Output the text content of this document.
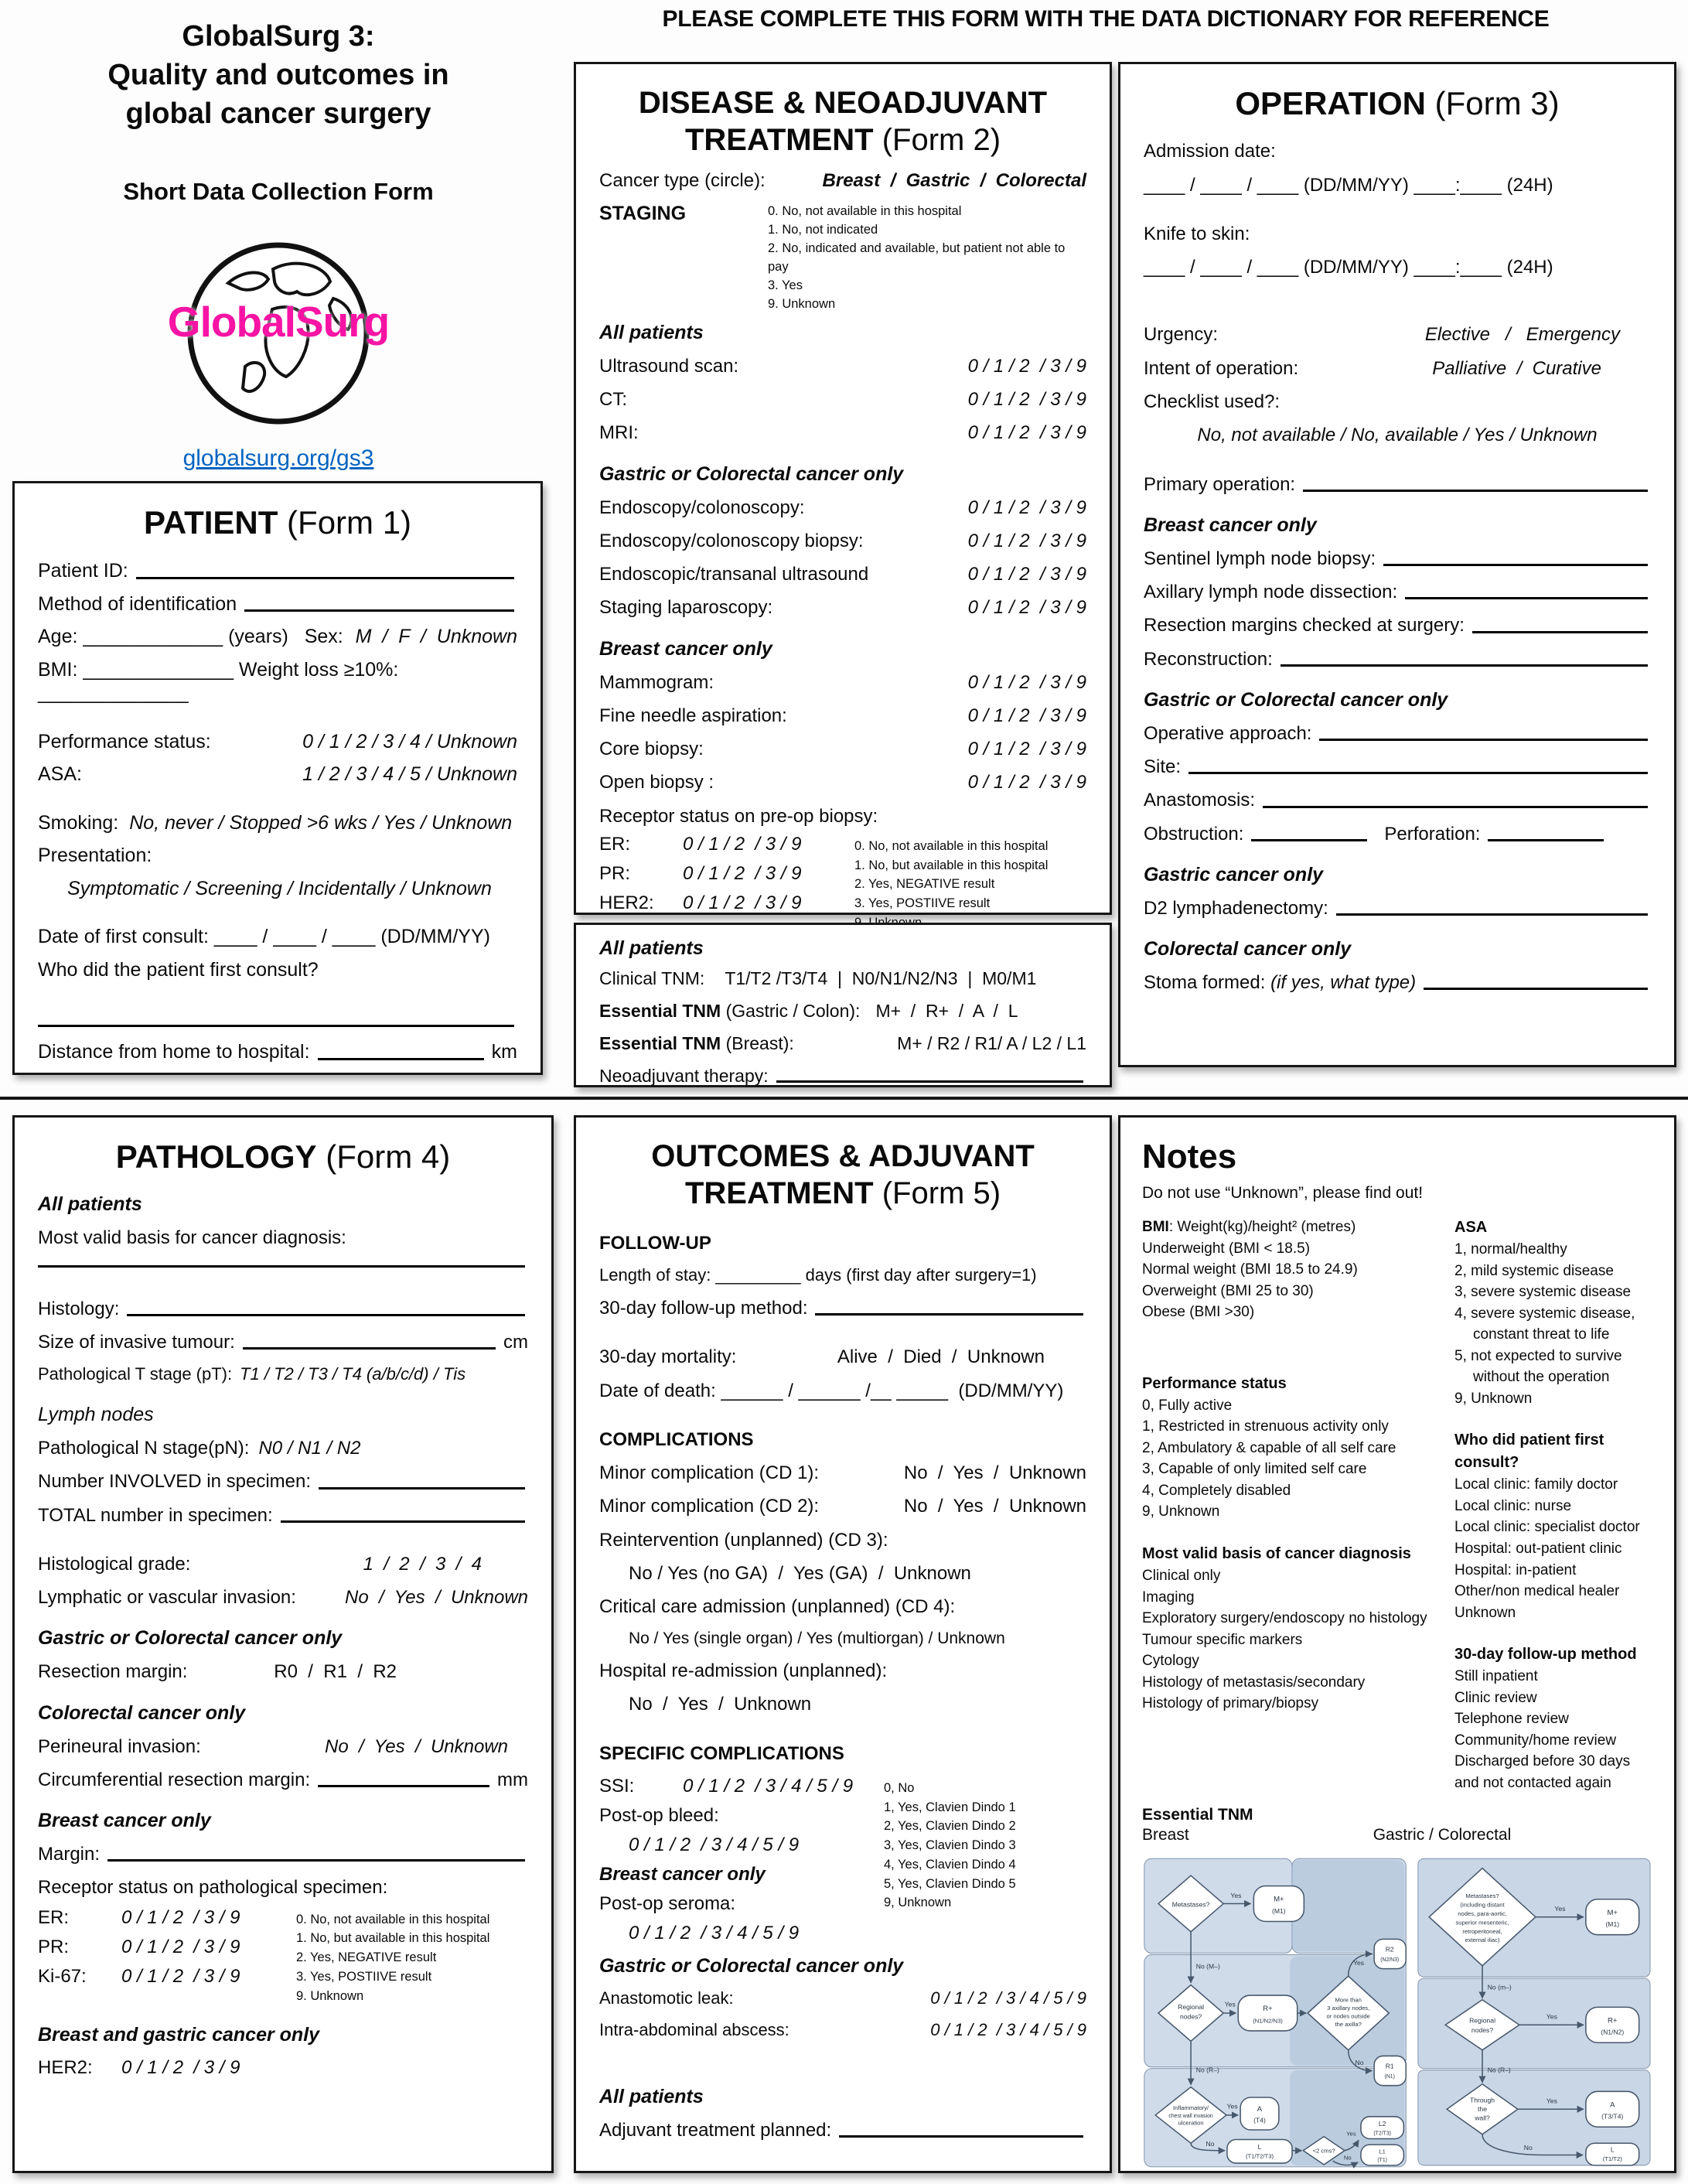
PLEASE COMPLETE THIS FORM WITH THE DATA DICTIONARY FOR REFERENCE
GlobalSurg 3:
Quality and outcomes in
global cancer surgery
Short Data Collection Form
GlobalSurg
globalsurg.org/gs3
PATIENT (Form 1)
Patient ID:
Method of identification
Age: _____________ (years)   Sex: M  /  F  /  Unknown
BMI: ______________ Weight loss ≥10%:  ______________
Performance status:	0 / 1 / 2 / 3 / 4 / Unknown
ASA:	1 / 2 / 3 / 4 / 5 / Unknown
Smoking: No, never / Stopped >6 wks / Yes / Unknown
Presentation:
Symptomatic / Screening / Incidentally / Unknown
Date of first consult: ____ / ____ / ____ (DD/MM/YY)
Who did the patient first consult?
Distance from home to hospital:	km
DISEASE & NEOADJUVANT
TREATMENT (Form 2)
Cancer type (circle):	Breast  /  Gastric  /  Colorectal
STAGING	0. No, not available in this hospital
1. No, not indicated
2. No, indicated and available, but patient not able to pay
3. Yes
9. Unknown
All patients
Ultrasound scan:	0 / 1 / 2  / 3 / 9
CT:	0 / 1 / 2  / 3 / 9
MRI:	0 / 1 / 2  / 3 / 9
Gastric or Colorectal cancer only
Endoscopy/colonoscopy:	0 / 1 / 2  / 3 / 9
Endoscopy/colonoscopy biopsy:	0 / 1 / 2  / 3 / 9
Endoscopic/transanal ultrasound	0 / 1 / 2  / 3 / 9
Staging laparoscopy:	0 / 1 / 2  / 3 / 9
Breast cancer only
Mammogram:	0 / 1 / 2  / 3 / 9
Fine needle aspiration:	0 / 1 / 2  / 3 / 9
Core biopsy:	0 / 1 / 2  / 3 / 9
Open biopsy :	0 / 1 / 2  / 3 / 9
Receptor status on pre-op biopsy:
ER:	0 / 1 / 2  / 3 / 9
PR:	0 / 1 / 2  / 3 / 9
HER2:	0 / 1 / 2  / 3 / 9
0. No, not available in this hospital
1. No, but available in this hospital
2. Yes, NEGATIVE result
3. Yes, POSTIIVE result
All patients
Clinical TNM: T1/T2 /T3/T4  |  N0/N1/N2/N3  |  M0/M1
Essential TNM (Gastric / Colon): M+  /  R+  /  A  /  L
Essential TNM (Breast):	M+ / R2 / R1/ A / L2 / L1
Neoadjuvant therapy:
OPERATION (Form 3)
Admission date:
____ / ____ / ____ (DD/MM/YY) ____:____ (24H)
Knife to skin:
____ / ____ / ____ (DD/MM/YY) ____:____ (24H)
Urgency:	Elective   /   Emergency
Intent of operation:	Palliative  /  Curative
Checklist used?:
No, not available / No, available / Yes / Unknown
Primary operation:
Breast cancer only
Sentinel lymph node biopsy:
Axillary lymph node dissection:
Resection margins checked at surgery:
Reconstruction:
Gastric or Colorectal cancer only
Operative approach:
Site:
Anastomosis:
Obstruction:	Perforation:
Gastric cancer only
D2 lymphadenectomy:
Colorectal cancer only
Stoma formed: (if yes, what type)
PATHOLOGY (Form 4)
All patients
Most valid basis for cancer diagnosis:
Histology:
Size of invasive tumour:	cm
Pathological T stage (pT): T1 / T2 / T3 / T4 (a/b/c/d) / Tis
Lymph nodes
Pathological N stage(pN): N0 / N1 / N2
Number INVOLVED in specimen:
TOTAL number in specimen:
Histological grade:	1  /  2  /  3  /  4
Lymphatic or vascular invasion:	No  /  Yes  /  Unknown
Gastric or Colorectal cancer only
Resection margin:	R0  /  R1  /  R2
Colorectal cancer only
Perineural invasion:	No  /  Yes  /  Unknown
Circumferential resection margin:	mm
Breast cancer only
Margin:
Receptor status on pathological specimen:
ER:	0 / 1 / 2  / 3 / 9
PR:	0 / 1 / 2  / 3 / 9
Ki-67:	0 / 1 / 2  / 3 / 9
0. No, not available in this hospital
1. No, but available in this hospital
2. Yes, NEGATIVE result
3. Yes, POSTIIVE result
9. Unknown
Breast and gastric cancer only
HER2:	0 / 1 / 2  / 3 / 9
OUTCOMES & ADJUVANT
TREATMENT (Form 5)
FOLLOW-UP
Length of stay: _________ days (first day after surgery=1)
30-day follow-up method:
30-day mortality:	Alive  /  Died  /  Unknown
Date of death: ______ / ______ /__ _____  (DD/MM/YY)
COMPLICATIONS
Minor complication (CD 1):	No  /  Yes  /  Unknown
Minor complication (CD 2):	No  /  Yes  /  Unknown
Reintervention (unplanned) (CD 3):
No / Yes (no GA)  /  Yes (GA)  /  Unknown
Critical care admission (unplanned) (CD 4):
No / Yes (single organ) / Yes (multiorgan) / Unknown
Hospital re-admission (unplanned):
No  /  Yes  /  Unknown
SPECIFIC COMPLICATIONS
SSI:	0 / 1 / 2  / 3 / 4 / 5 / 9
Post-op bleed:
0 / 1 / 2  / 3 / 4 / 5 / 9
Breast cancer only
Post-op seroma:
0 / 1 / 2  / 3 / 4 / 5 / 9
0, No
1, Yes, Clavien Dindo 1
2, Yes, Clavien Dindo 2
3, Yes, Clavien Dindo 3
4, Yes, Clavien Dindo 4
5, Yes, Clavien Dindo 5
9, Unknown
Gastric or Colorectal cancer only
Anastomotic leak:	0 / 1 / 2  / 3 / 4 / 5 / 9
Intra-abdominal abscess:	0 / 1 / 2  / 3 / 4 / 5 / 9
All patients
Adjuvant treatment planned:
Notes
Do not use “Unknown”, please find out!
BMI: Weight(kg)/height² (metres)
Underweight (BMI < 18.5)
Normal weight (BMI 18.5 to 24.9)
Overweight (BMI 25 to 30)
Obese (BMI >30)
Performance status
0, Fully active
1, Restricted in strenuous activity only
2, Ambulatory & capable of all self care
3, Capable of only limited self care
4, Completely disabled
9, Unknown
Most valid basis of cancer diagnosis
Clinical only
Imaging
Exploratory surgery/endoscopy no histology
Tumour specific markers
Cytology
Histology of metastasis/secondary
Histology of primary/biopsy
ASA
1, normal/healthy
2, mild systemic disease
3, severe systemic disease
4, severe systemic disease,
constant threat to life
5, not expected to survive
without the operation
9, Unknown
Who did patient first consult?
Local clinic: family doctor
Local clinic: nurse
Local clinic: specialist doctor
Hospital: out-patient clinic
Hospital: in-patient
Other/non medical healer
Unknown
30-day follow-up method
Still inpatient
Clinic review
Telephone review
Community/home review
Discharged before 30 days
and not contacted again
Essential TNM
Breast	Gastric / Colorectal
Metastases?
Yes	M+
(M1)
No (M–)
Regional
nodes?
Yes
R+
(N1/N2/N3)
More than
3 axillary nodes,
or nodes outside
the axilla?
Yes
R2
(N2/N3)
No	R1
(N1)
No (R–)
Inflammatory/
chest wall invasion
ulceration
Yes	A
(T4)
No	L
(T1/T2/T3)
<2 cms?
Yes
L2
(T2/T3)
No
L1
(T1)
Metastases?
(including distant
nodes, para-aortic,
superior mesenteric,
retroperitoneal,
external iliac)
Yes	M+
(M1)
No (m–)
Regional
nodes?
Yes	R+
(N1/N2)
No (R–)
Through
the
wall?
Yes	A
(T3/T4)
No	L
(T1/T2)
